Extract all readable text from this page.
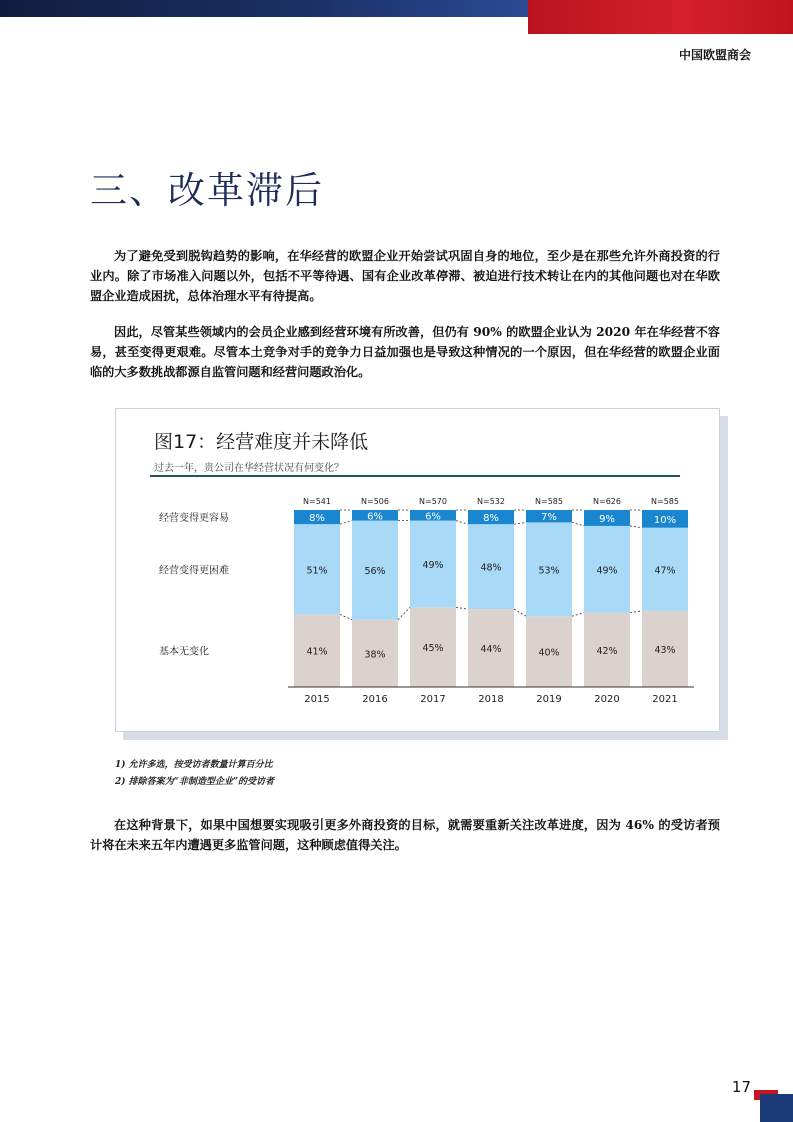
中国欧盟商会
三、改革滞后
为了避免受到脱钩趋势的影响，在华经营的欧盟企业开始尝试巩固自身的地位，至少是在那些允许外商投资的行业内。除了市场准入问题以外，包括不平等待遇、国有企业改革停滞、被迫进行技术转让在内的其他问题也对在华欧盟企业造成困扰，总体治理水平有待提高。
因此，尽管某些领域内的会员企业感到经营环境有所改善，但仍有 90% 的欧盟企业认为 2020 年在华经营不容易，甚至变得更艰难。尽管本土竞争对手的竞争力日益加强也是导致这种情况的一个原因，但在华经营的欧盟企业面临的大多数挑战都源自监管问题和经营问题政治化。
图17：经营难度并未降低
过去一年，贵公司在华经营状况有何变化？
41%
51%
8%
N=541
2015
38%
56%
6%
N=506
2016
45%
49%
6%
N=570
2017
44%
48%
8%
N=532
2018
40%
53%
7%
N=585
2019
42%
49%
9%
N=626
2020
43%
47%
10%
N=585
2021
基本无变化
经营变得更困难
经营变得更容易
1) 允许多选，按受访者数量计算百分比
2) 排除答案为“非制造型企业”的受访者
在这种背景下，如果中国想要实现吸引更多外商投资的目标，就需要重新关注改革进度，因为 46% 的受访者预计将在未来五年内遭遇更多监管问题，这种顾虑值得关注。
17
